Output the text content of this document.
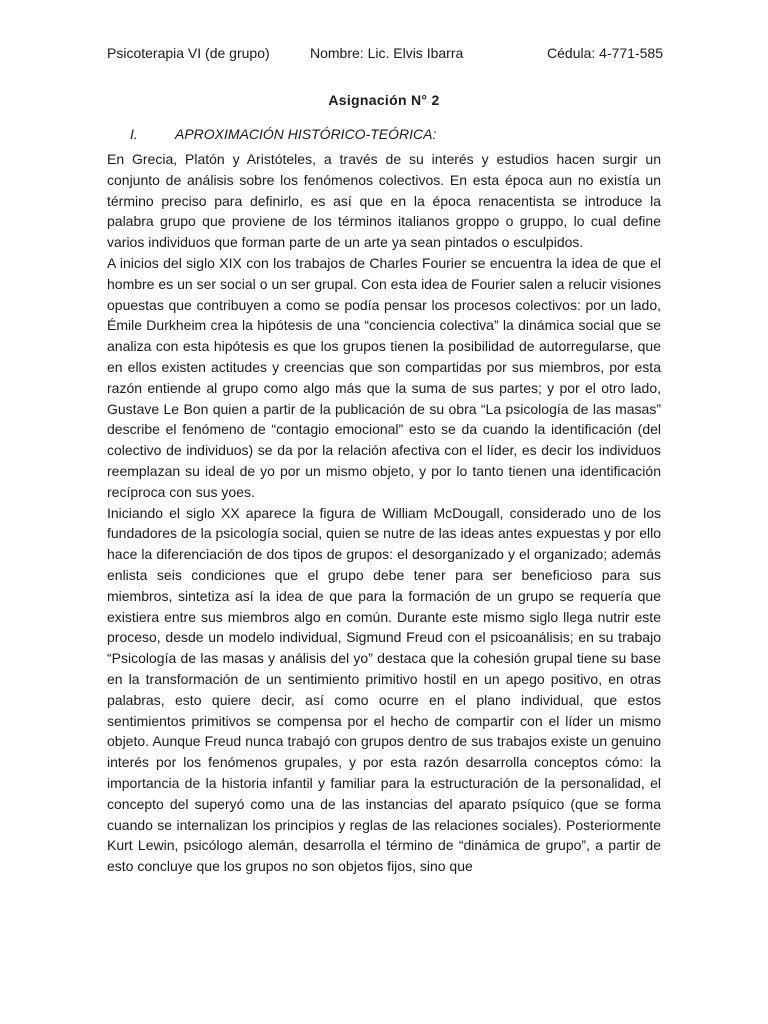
Psicoterapia VI (de grupo)	Nombre: Lic. Elvis Ibarra	Cédula: 4-771-585
Asignación N° 2
I.	APROXIMACIÓN HISTÓRICO-TEÓRICA:

En Grecia, Platón y Aristóteles, a través de su interés y estudios hacen surgir un conjunto de análisis sobre los fenómenos colectivos. En esta época aun no existía un término preciso para definirlo, es así que en la época renacentista se introduce la palabra grupo que proviene de los términos italianos groppo o gruppo, lo cual define varios individuos que forman parte de un arte ya sean pintados o esculpidos.

A inicios del siglo XIX con los trabajos de Charles Fourier se encuentra la idea de que el hombre es un ser social o un ser grupal. Con esta idea de Fourier salen a relucir visiones opuestas que contribuyen a como se podía pensar los procesos colectivos: por un lado, Émile Durkheim crea la hipótesis de una “conciencia colectiva” la dinámica social que se analiza con esta hipótesis es que los grupos tienen la posibilidad de autorregularse, que en ellos existen actitudes y creencias que son compartidas por sus miembros, por esta razón entiende al grupo como algo más que la suma de sus partes; y por el otro lado, Gustave Le Bon quien a partir de la publicación de su obra “La psicología de las masas” describe el fenómeno de “contagio emocional” esto se da cuando la identificación (del colectivo de individuos) se da por la relación afectiva con el líder, es decir los individuos reemplazan su ideal de yo por un mismo objeto, y por lo tanto tienen una identificación recíproca con sus yoes.

Iniciando el siglo XX aparece la figura de William McDougall, considerado uno de los fundadores de la psicología social, quien se nutre de las ideas antes expuestas y por ello hace la diferenciación de dos tipos de grupos: el desorganizado y el organizado; además enlista seis condiciones que el grupo debe tener para ser beneficioso para sus miembros, sintetiza así la idea de que para la formación de un grupo se requería que existiera entre sus miembros algo en común. Durante este mismo siglo llega nutrir este proceso, desde un modelo individual, Sigmund Freud con el psicoanálisis; en su trabajo “Psicología de las masas y análisis del yo” destaca que la cohesión grupal tiene su base en la transformación de un sentimiento primitivo hostil en un apego positivo, en otras palabras, esto quiere decir, así como ocurre en el plano individual, que estos sentimientos primitivos se compensa por el hecho de compartir con el líder un mismo objeto. Aunque Freud nunca trabajó con grupos dentro de sus trabajos existe un genuino interés por los fenómenos grupales, y por esta razón desarrolla conceptos cómo: la importancia de la historia infantil y familiar para la estructuración de la personalidad, el concepto del superyó como una de las instancias del aparato psíquico (que se forma cuando se internalizan los principios y reglas de las relaciones sociales). Posteriormente Kurt Lewin, psicólogo alemán, desarrolla el término de “dinámica de grupo”, a partir de esto concluye que los grupos no son objetos fijos, sino que
